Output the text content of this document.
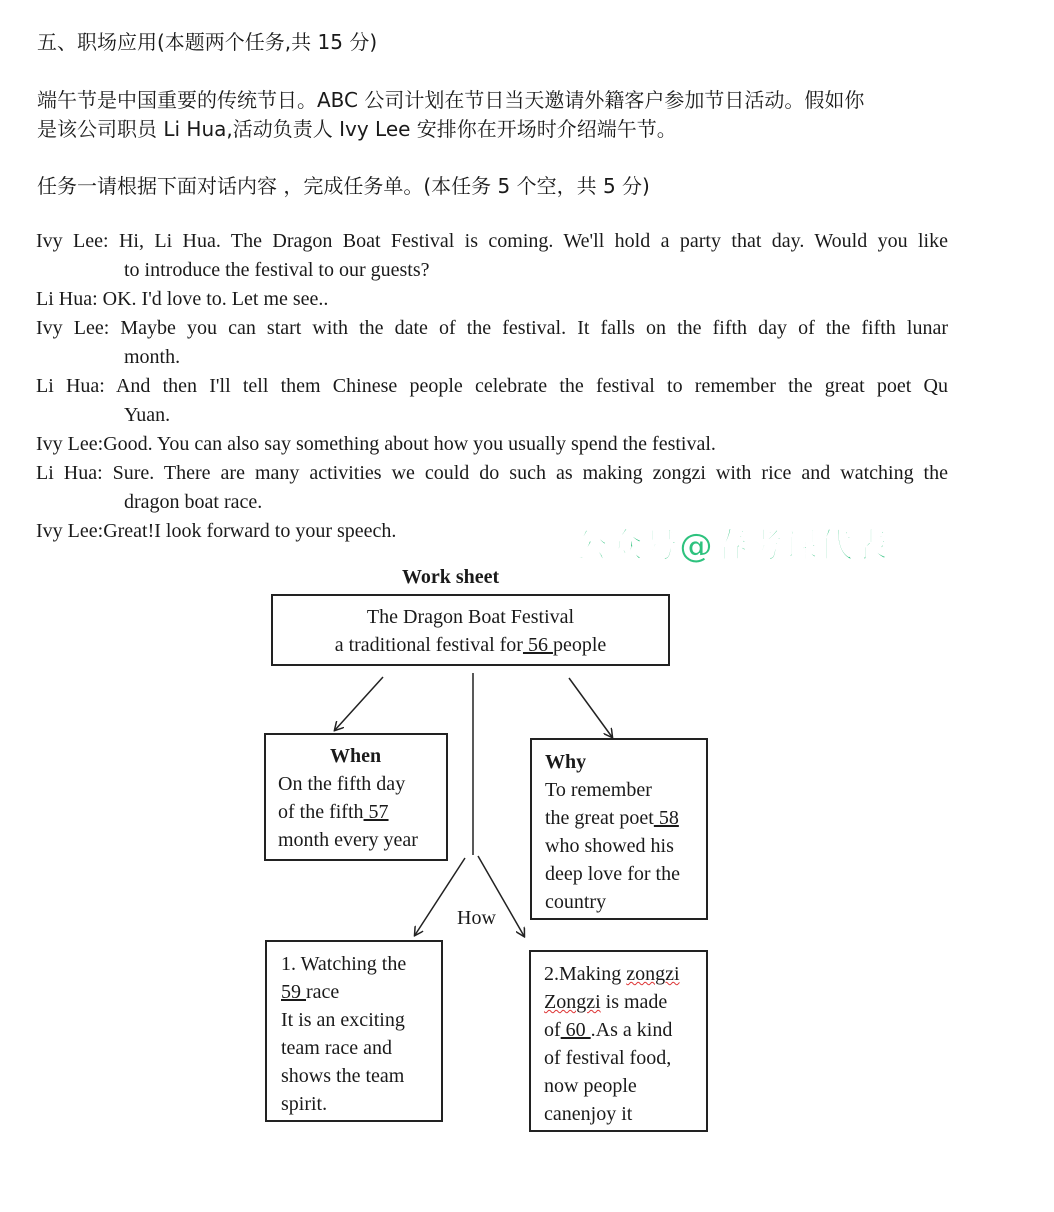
五、职场应用(本题两个任务,共 15 分)
端午节是中国重要的传统节日。ABC 公司计划在节日当天邀请外籍客户参加节日活动。假如你
是该公司职员 Li Hua,活动负责人 Ivy Lee 安排你在开场时介绍端午节。
任务一请根据下面对话内容 ，完成任务单。(本任务 5 个空，共 5 分)
Ivy Lee: Hi, Li Hua. The Dragon Boat Festival is coming. We'll hold a party that day. Would you like
to introduce the festival to our guests?
Li Hua: OK. I'd love to. Let me see..
Ivy Lee: Maybe you can start with the date of the festival. It falls on the fifth day of the fifth lunar
month.
Li Hua: And then I'll tell them Chinese people celebrate the festival to remember the great poet Qu
Yuan.
Ivy Lee:Good. You can also say something about how you usually spend the festival.
Li Hua: Sure. There are many activities we could do such as making zongzi with rice and watching the
dragon boat race.
Ivy Lee:Great!I look forward to your speech.	公众号@春考课代表
Work sheet
The Dragon Boat Festival
a traditional festival for 56 people
When
On the fifth day
of the fifth 57
month every year
Why
To remember
the great poet 58
who showed his
deep love for the
country
How
1. Watching the
59 race
It is an exciting
team race and
shows the team
spirit.
2.Making zongzi
Zongzi is made
of 60 .As a kind
of festival food,
now people
canenjoy it
